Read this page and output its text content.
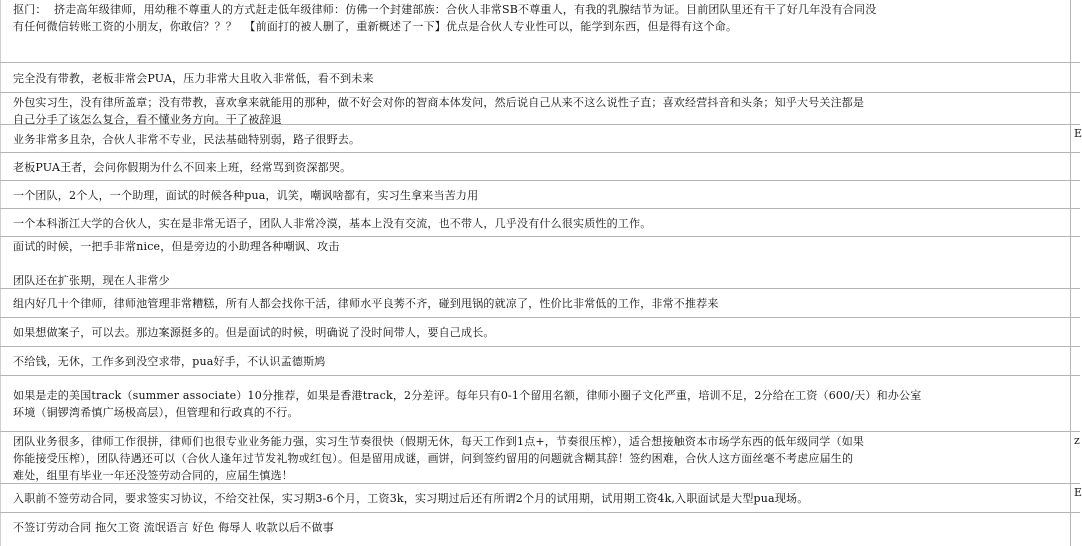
抠门：  挤走高年级律师，用幼稚不尊重人的方式赶走低年级律师：仿佛一个封建部族：合伙人非常SB不尊重人，有我的乳腺结节为证。目前团队里还有干了好几年没有合同没

有任何微信转账工资的小朋友，你敢信？？？  【前面打的被人删了，重新概述了一下】优点是合伙人专业性可以，能学到东西，但是得有这个命。

完全没有带教，老板非常会PUA，压力非常大且收入非常低，看不到未来

外包实习生，没有律所盖章；没有带教，喜欢拿来就能用的那种，做不好会对你的智商本体发问，然后说自己从来不这么说性子直；喜欢经营抖音和头条；知乎大号关注都是

自己分手了该怎么复合，看不懂业务方向。干了被辞退

业务非常多且杂，合伙人非常不专业，民法基础特别弱，路子很野去。	E

老板PUA王者，会问你假期为什么不回来上班，经常骂到资深都哭。

一个团队，2个人，一个助理，面试的时候各种pua，讥笑，嘲讽啥都有，实习生拿来当苦力用

一个本科浙江大学的合伙人，实在是非常无语子，团队人非常冷漠，基本上没有交流，也不带人，几乎没有什么很实质性的工作。

面试的时候，一把手非常nice，但是旁边的小助理各种嘲讽、攻击

团队还在扩张期，现在人非常少

组内好几十个律师，律师池管理非常糟糕，所有人都会找你干活，律师水平良莠不齐，碰到甩锅的就凉了，性价比非常低的工作，非常不推荐来

如果想做案子，可以去。那边案源挺多的。但是面试的时候，明确说了没时间带人，要自己成长。

不给钱，无休，工作多到没空求带，pua好手，不认识孟德斯鸠

如果是走的美国track（summer associate）10分推荐，如果是香港track，2分差评。每年只有0-1个留用名额，律师小圈子文化严重，培训不足，2分给在工资（600/天）和办公室

环境（铜锣湾希慎广场极高层），但管理和行政真的不行。

团队业务很多，律师工作很拼，律师们也很专业业务能力强，实习生节奏很快（假期无休，每天工作到1点+，节奏很压榨），适合想接触资本市场学东西的低年级同学（如果

你能接受压榨），团队待遇还可以（合伙人逢年过节发礼物或红包）。但是留用成谜，画饼，问到签约留用的问题就含糊其辞！签约困难，合伙人这方面丝毫不考虑应届生的

难处，组里有毕业一年还没签劳动合同的，应届生慎选！

z

入职前不签劳动合同，要求签实习协议，不给交社保，实习期3-6个月，工资3k，实习期过后还有所谓2个月的试用期，试用期工资4k,入职面试是大型pua现场。	E

不签订劳动合同 拖欠工资 流氓语言 好色 侮辱人 收款以后不做事
